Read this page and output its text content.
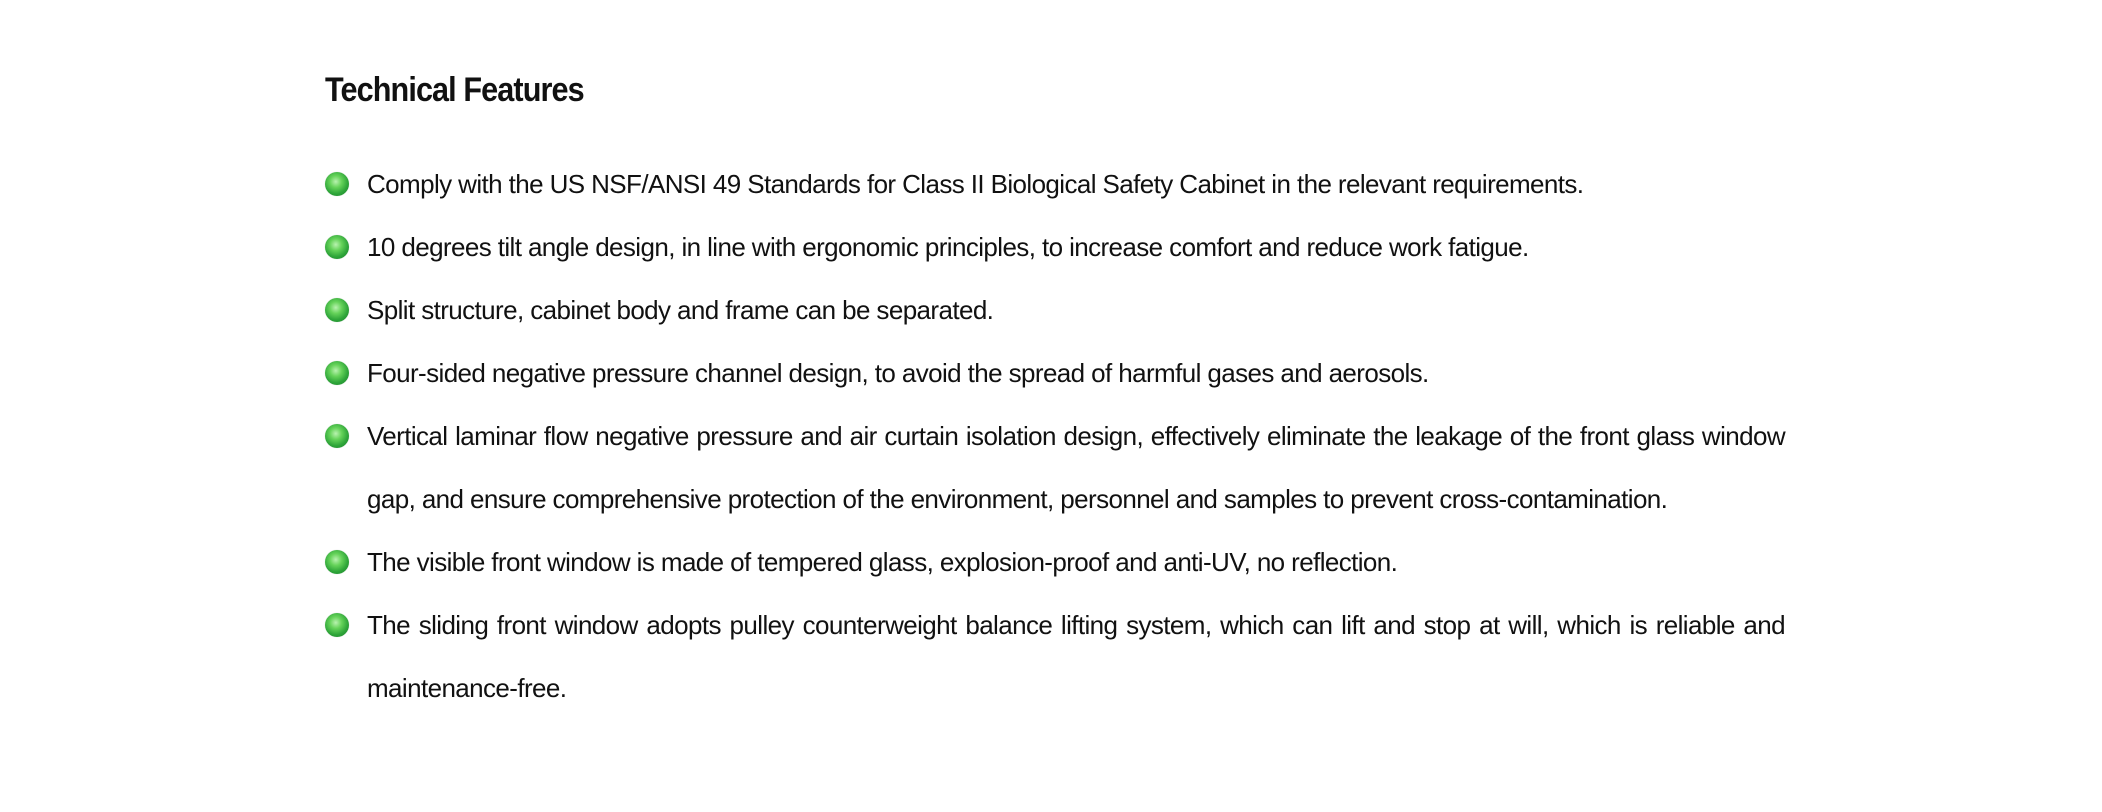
Technical Features
Comply with the US NSF/ANSI 49 Standards for Class II Biological Safety Cabinet in the relevant requirements.
10 degrees tilt angle design, in line with ergonomic principles, to increase comfort and reduce work fatigue.
Split structure, cabinet body and frame can be separated.
Four-sided negative pressure channel design, to avoid the spread of harmful gases and aerosols.
Vertical laminar flow negative pressure and air curtain isolation design, effectively eliminate the leakage of the front glass window gap, and ensure comprehensive protection of the environment, personnel and samples to prevent cross-contamination.
The visible front window is made of tempered glass, explosion-proof and anti-UV, no reflection.
The sliding front window adopts pulley counterweight balance lifting system, which can lift and stop at will, which is reliable and maintenance-free.
